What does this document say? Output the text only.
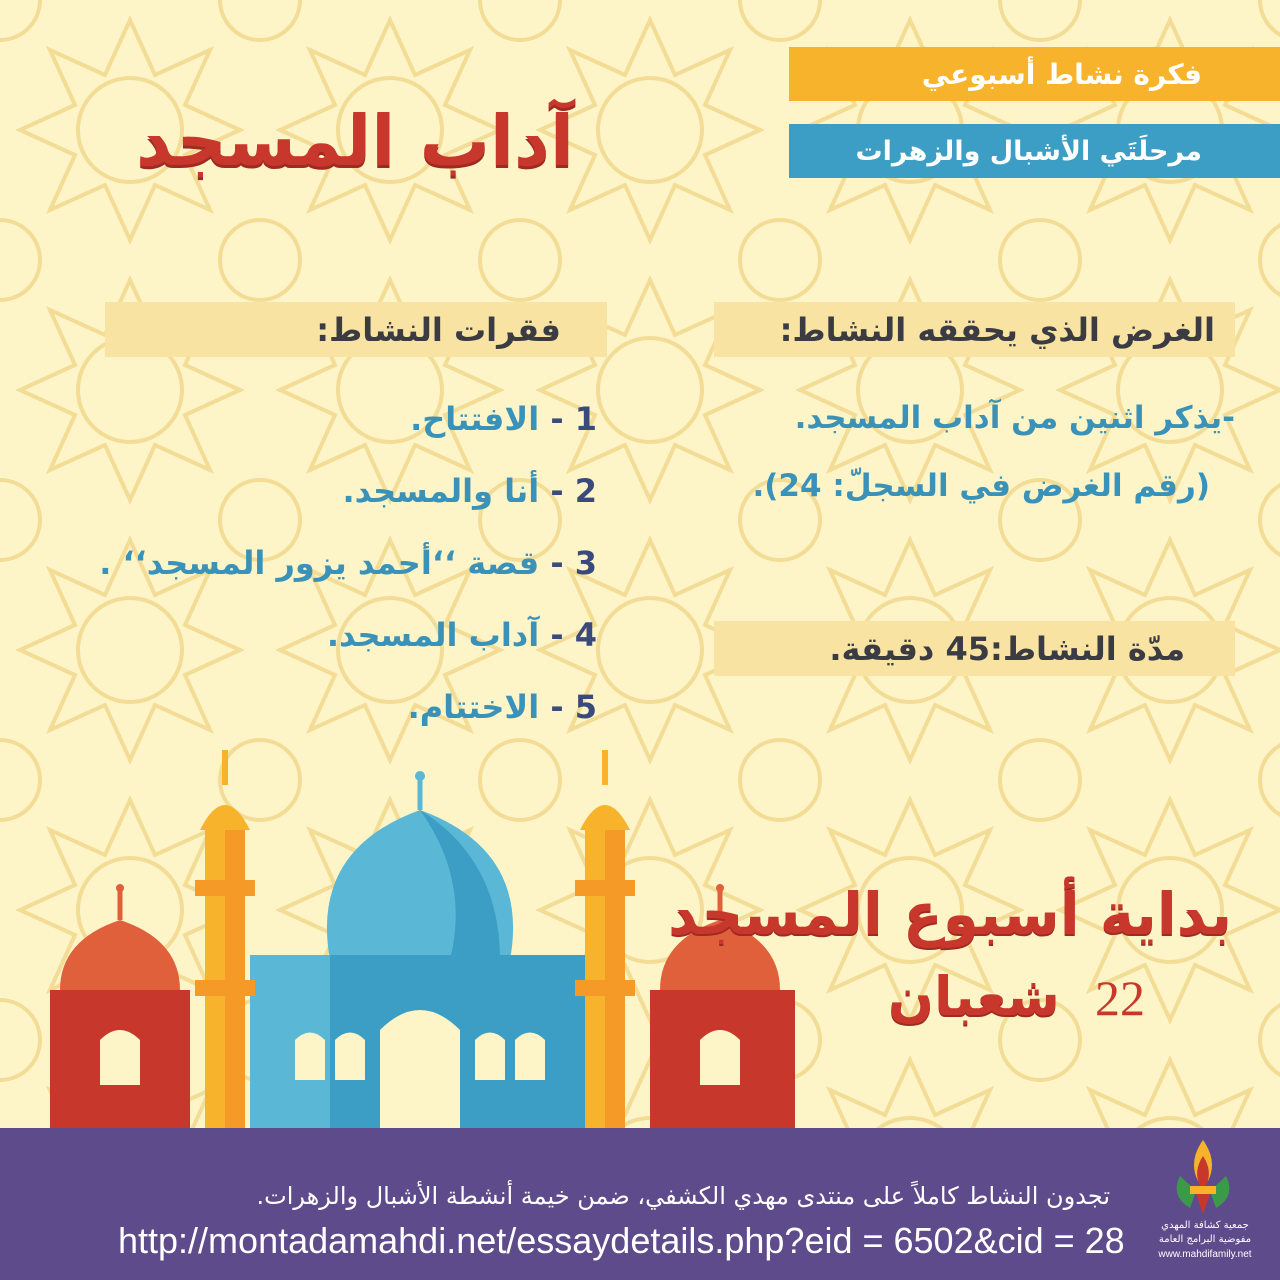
فكرة نشاط أسبوعي
مرحلَتَي الأشبال والزهرات
آداب المسجد
الغرض الذي يحققه النشاط:
-يذكر اثنين من آداب المسجد.
(رقم الغرض في السجلّ: 24).
مدّة النشاط:45 دقيقة.
فقرات النشاط:
1 - الافتتاح.
2 - أنا والمسجد.
3 - قصة ‘‘أحمد يزور المسجد‘‘ .
4 - آداب المسجد.
5 - الاختتام.
بداية أسبوع المسجد
22 شعبان
تجدون النشاط كاملاً على منتدى مهدي الكشفي، ضمن خيمة أنشطة الأشبال والزهرات.
http://montadamahdi.net/essaydetails.php?eid = 6502&cid = 28	جمعية كشافة المهدي
مفوضية البرامج العامة
www.mahdifamily.net
